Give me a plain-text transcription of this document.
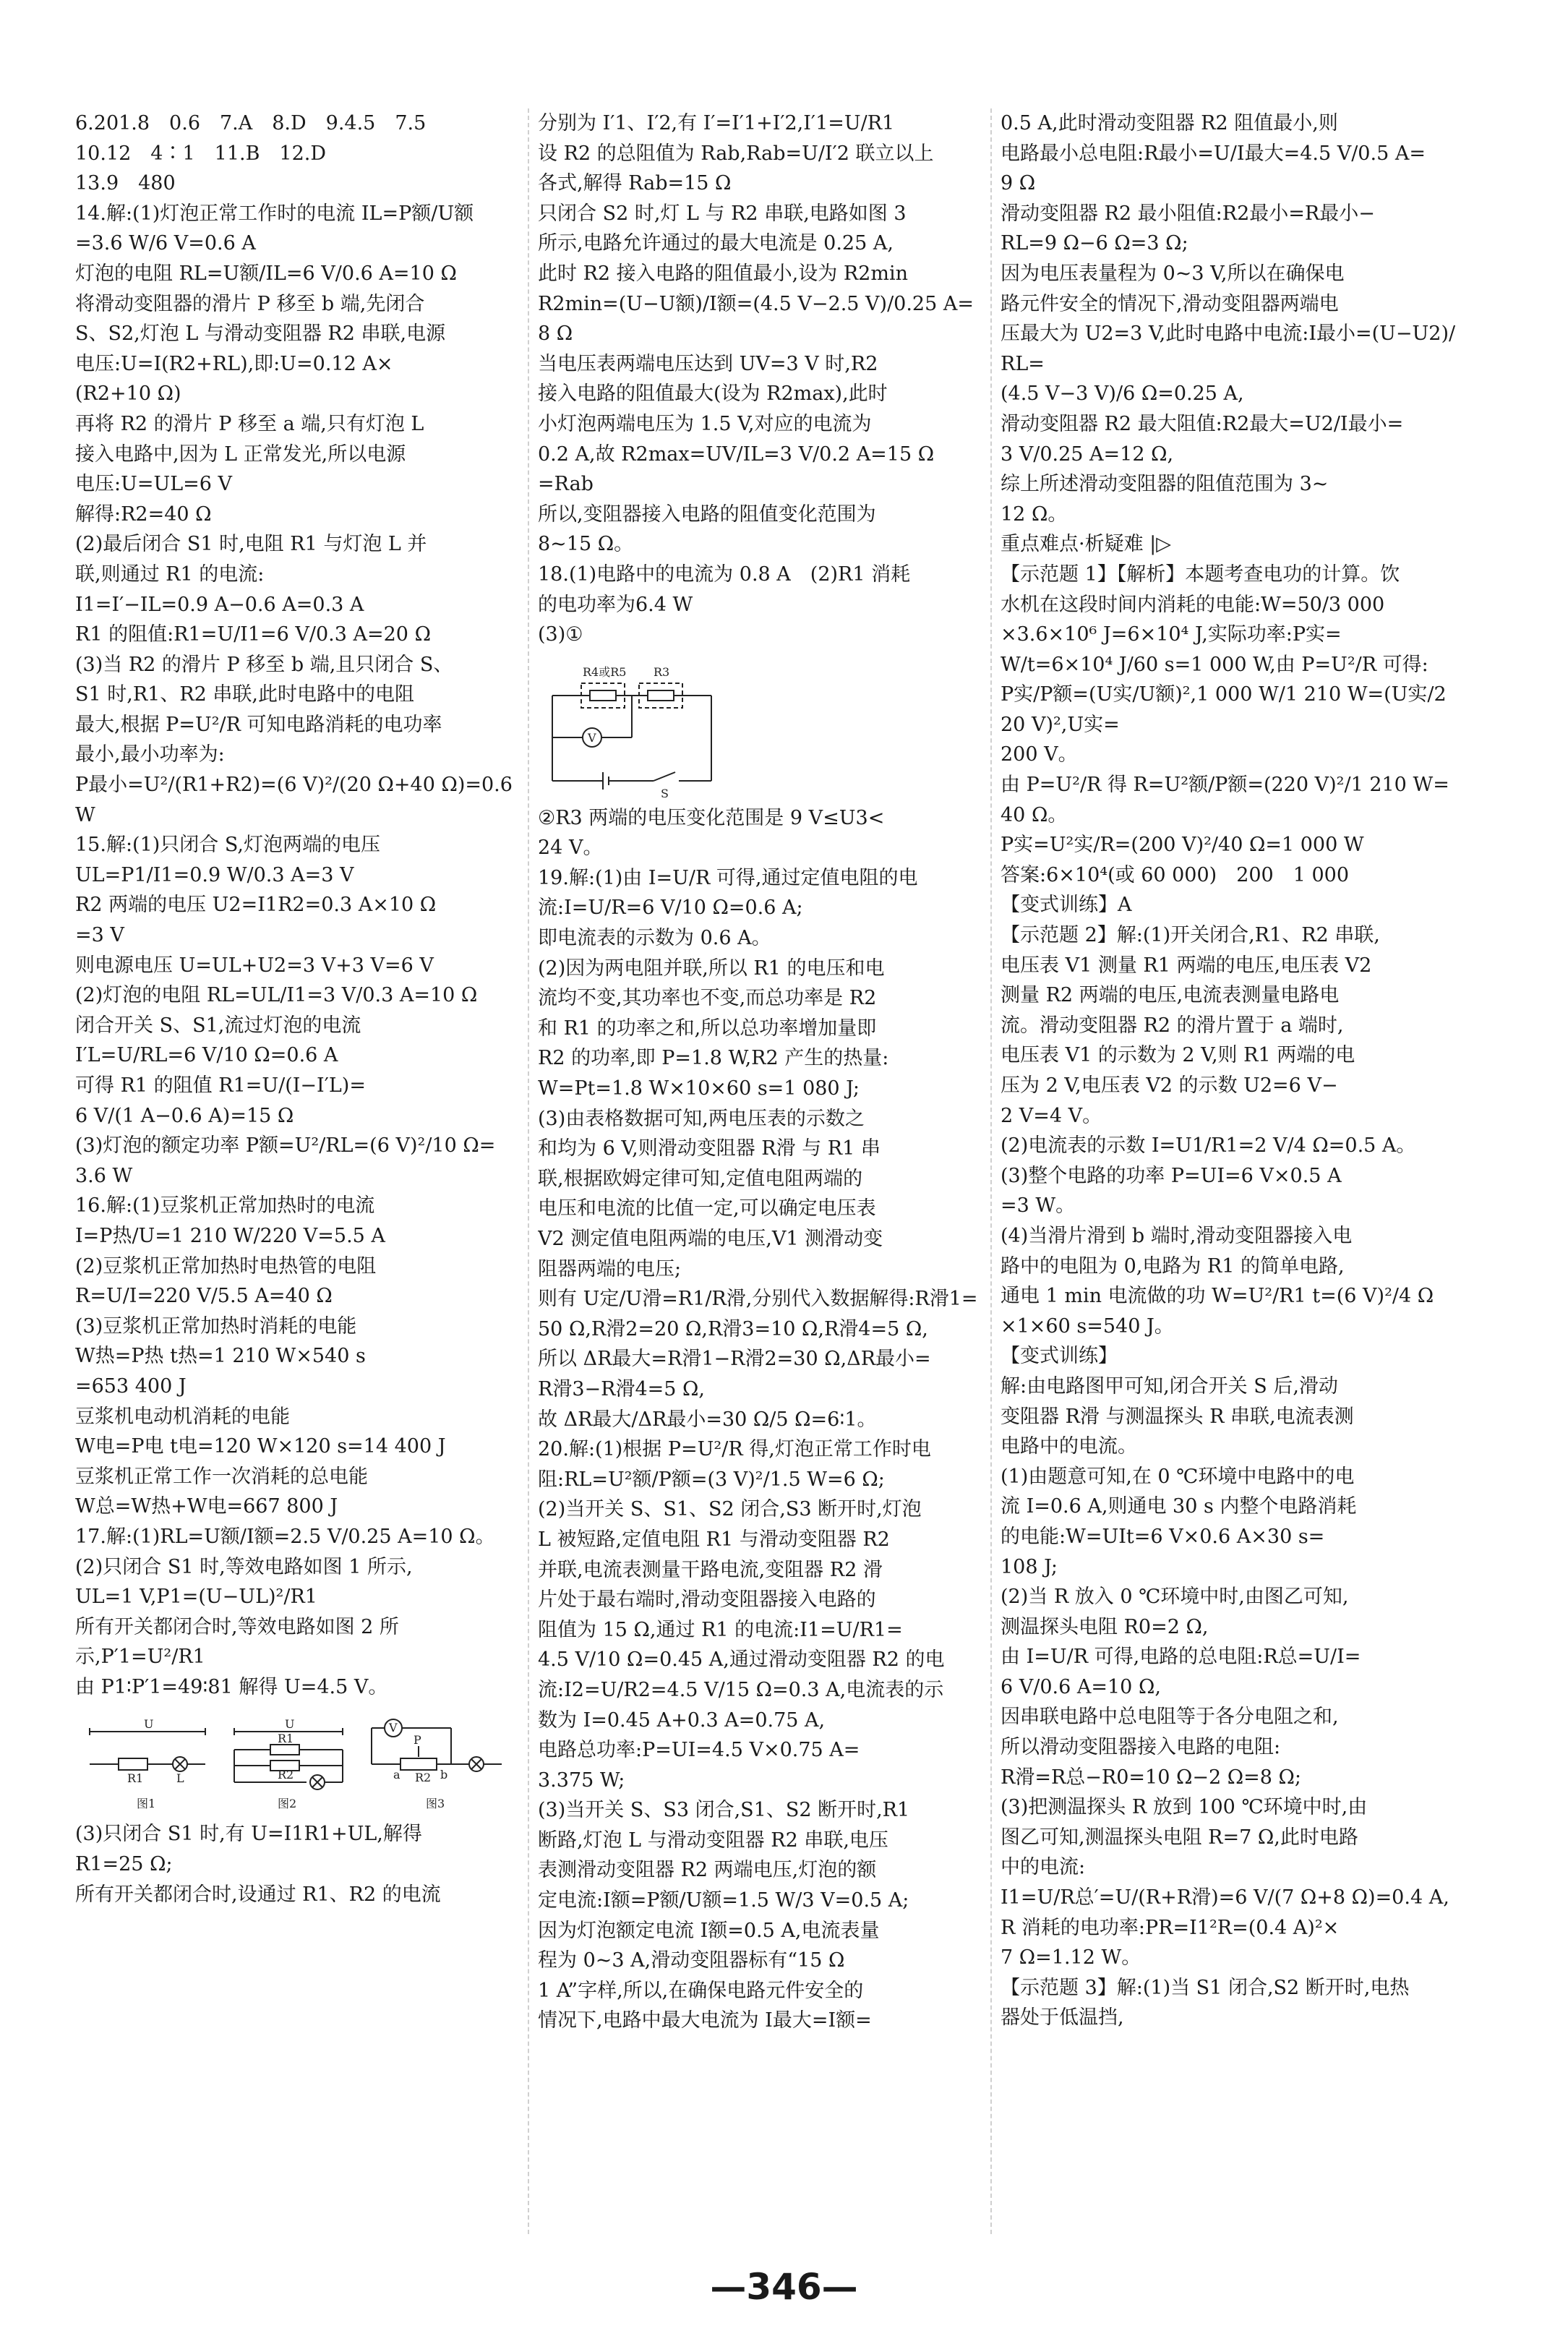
6.201.8　0.6　7.A　8.D　9.4.5　7.5

10.12　4∶1　11.B　12.D

13.9　480

14.解:(1)灯泡正常工作时的电流 IL=P额/U额

=3.6 W/6 V=0.6 A

灯泡的电阻 RL=U额/IL=6 V/0.6 A=10 Ω

将滑动变阻器的滑片 P 移至 b 端,先闭合

S、S2,灯泡 L 与滑动变阻器 R2 串联,电源

电压:U=I(R2+RL),即:U=0.12 A×

(R2+10 Ω)

再将 R2 的滑片 P 移至 a 端,只有灯泡 L

接入电路中,因为 L 正常发光,所以电源

电压:U=UL=6 V

解得:R2=40 Ω

(2)最后闭合 S1 时,电阻 R1 与灯泡 L 并

联,则通过 R1 的电流:

I1=I′−IL=0.9 A−0.6 A=0.3 A

R1 的阻值:R1=U/I1=6 V/0.3 A=20 Ω

(3)当 R2 的滑片 P 移至 b 端,且只闭合 S、

S1 时,R1、R2 串联,此时电路中的电阻

最大,根据 P=U²/R 可知电路消耗的电功率

最小,最小功率为:

P最小=U²/(R1+R2)=(6 V)²/(20 Ω+40 Ω)=0.6 W

15.解:(1)只闭合 S,灯泡两端的电压

UL=P1/I1=0.9 W/0.3 A=3 V

R2 两端的电压 U2=I1R2=0.3 A×10 Ω

=3 V

则电源电压 U=UL+U2=3 V+3 V=6 V

(2)灯泡的电阻 RL=UL/I1=3 V/0.3 A=10 Ω

闭合开关 S、S1,流过灯泡的电流

I′L=U/RL=6 V/10 Ω=0.6 A

可得 R1 的阻值 R1=U/(I−I′L)=

6 V/(1 A−0.6 A)=15 Ω

(3)灯泡的额定功率 P额=U²/RL=(6 V)²/10 Ω=

3.6 W

16.解:(1)豆浆机正常加热时的电流

I=P热/U=1 210 W/220 V=5.5 A

(2)豆浆机正常加热时电热管的电阻

R=U/I=220 V/5.5 A=40 Ω

(3)豆浆机正常加热时消耗的电能

W热=P热 t热=1 210 W×540 s

=653 400 J

豆浆机电动机消耗的电能

W电=P电 t电=120 W×120 s=14 400 J

豆浆机正常工作一次消耗的总电能

W总=W热+W电=667 800 J

17.解:(1)RL=U额/I额=2.5 V/0.25 A=10 Ω。

(2)只闭合 S1 时,等效电路如图 1 所示,

UL=1 V,P1=(U−UL)²/R1

所有开关都闭合时,等效电路如图 2 所

示,P′1=U²/R1

由 P1∶P′1=49∶81 解得 U=4.5 V。

U
R1	L
U
R1
R2
V
P
a	b
R2
图1	图2	图3

(3)只闭合 S1 时,有 U=I1R1+UL,解得

R1=25 Ω;

所有开关都闭合时,设通过 R1、R2 的电流

分别为 I′1、I′2,有 I′=I′1+I′2,I′1=U/R1

设 R2 的总阻值为 Rab,Rab=U/I′2 联立以上

各式,解得 Rab=15 Ω

只闭合 S2 时,灯 L 与 R2 串联,电路如图 3

所示,电路允许通过的最大电流是 0.25 A,

此时 R2 接入电路的阻值最小,设为 R2min

R2min=(U−U额)/I额=(4.5 V−2.5 V)/0.25 A=8 Ω

当电压表两端电压达到 UV=3 V 时,R2

接入电路的阻值最大(设为 R2max),此时

小灯泡两端电压为 1.5 V,对应的电流为

0.2 A,故 R2max=UV/IL=3 V/0.2 A=15 Ω

=Rab

所以,变阻器接入电路的阻值变化范围为

8~15 Ω。

18.(1)电路中的电流为 0.8 A　(2)R1 消耗

的电功率为6.4 W

(3)①

R4或R5 R3
V
S

②R3 两端的电压变化范围是 9 V≤U3<

24 V。

19.解:(1)由 I=U/R 可得,通过定值电阻的电

流:I=U/R=6 V/10 Ω=0.6 A;

即电流表的示数为 0.6 A。

(2)因为两电阻并联,所以 R1 的电压和电

流均不变,其功率也不变,而总功率是 R2

和 R1 的功率之和,所以总功率增加量即

R2 的功率,即 P=1.8 W,R2 产生的热量:

W=Pt=1.8 W×10×60 s=1 080 J;

(3)由表格数据可知,两电压表的示数之

和均为 6 V,则滑动变阻器 R滑 与 R1 串

联,根据欧姆定律可知,定值电阻两端的

电压和电流的比值一定,可以确定电压表

V2 测定值电阻两端的电压,V1 测滑动变

阻器两端的电压;

则有 U定/U滑=R1/R滑,分别代入数据解得:R滑1=

50 Ω,R滑2=20 Ω,R滑3=10 Ω,R滑4=5 Ω,

所以 ΔR最大=R滑1−R滑2=30 Ω,ΔR最小=

R滑3−R滑4=5 Ω,

故 ΔR最大/ΔR最小=30 Ω/5 Ω=6∶1。

20.解:(1)根据 P=U²/R 得,灯泡正常工作时电

阻:RL=U²额/P额=(3 V)²/1.5 W=6 Ω;

(2)当开关 S、S1、S2 闭合,S3 断开时,灯泡

L 被短路,定值电阻 R1 与滑动变阻器 R2

并联,电流表测量干路电流,变阻器 R2 滑

片处于最右端时,滑动变阻器接入电路的

阻值为 15 Ω,通过 R1 的电流:I1=U/R1=

4.5 V/10 Ω=0.45 A,通过滑动变阻器 R2 的电

流:I2=U/R2=4.5 V/15 Ω=0.3 A,电流表的示

数为 I=0.45 A+0.3 A=0.75 A,

电路总功率:P=UI=4.5 V×0.75 A=

3.375 W;

(3)当开关 S、S3 闭合,S1、S2 断开时,R1

断路,灯泡 L 与滑动变阻器 R2 串联,电压

表测滑动变阻器 R2 两端电压,灯泡的额

定电流:I额=P额/U额=1.5 W/3 V=0.5 A;

因为灯泡额定电流 I额=0.5 A,电流表量

程为 0~3 A,滑动变阻器标有“15 Ω

1 A”字样,所以,在确保电路元件安全的

情况下,电路中最大电流为 I最大=I额=

0.5 A,此时滑动变阻器 R2 阻值最小,则

电路最小总电阻:R最小=U/I最大=4.5 V/0.5 A=

9 Ω

滑动变阻器 R2 最小阻值:R2最小=R最小−

RL=9 Ω−6 Ω=3 Ω;

因为电压表量程为 0~3 V,所以在确保电

路元件安全的情况下,滑动变阻器两端电

压最大为 U2=3 V,此时电路中电流:I最小=(U−U2)/RL=

(4.5 V−3 V)/6 Ω=0.25 A,

滑动变阻器 R2 最大阻值:R2最大=U2/I最小=

3 V/0.25 A=12 Ω,

综上所述滑动变阻器的阻值范围为 3~

12 Ω。

重点难点·析疑难 |▷

【示范题 1】【解析】本题考查电功的计算。饮

水机在这段时间内消耗的电能:W=50/3 000

×3.6×10⁶ J=6×10⁴ J,实际功率:P实=

W/t=6×10⁴ J/60 s=1 000 W,由 P=U²/R 可得:

P实/P额=(U实/U额)²,1 000 W/1 210 W=(U实/220 V)²,U实=

200 V。

由 P=U²/R 得 R=U²额/P额=(220 V)²/1 210 W=40 Ω。

P实=U²实/R=(200 V)²/40 Ω=1 000 W

答案:6×10⁴(或 60 000)　200　1 000

【变式训练】A

【示范题 2】解:(1)开关闭合,R1、R2 串联,

电压表 V1 测量 R1 两端的电压,电压表 V2

测量 R2 两端的电压,电流表测量电路电

流。滑动变阻器 R2 的滑片置于 a 端时,

电压表 V1 的示数为 2 V,则 R1 两端的电

压为 2 V,电压表 V2 的示数 U2=6 V−

2 V=4 V。

(2)电流表的示数 I=U1/R1=2 V/4 Ω=0.5 A。

(3)整个电路的功率 P=UI=6 V×0.5 A

=3 W。

(4)当滑片滑到 b 端时,滑动变阻器接入电

路中的电阻为 0,电路为 R1 的简单电路,

通电 1 min 电流做的功 W=U²/R1 t=(6 V)²/4 Ω

×1×60 s=540 J。

【变式训练】

解:由电路图甲可知,闭合开关 S 后,滑动

变阻器 R滑 与测温探头 R 串联,电流表测

电路中的电流。

(1)由题意可知,在 0 ℃环境中电路中的电

流 I=0.6 A,则通电 30 s 内整个电路消耗

的电能:W=UIt=6 V×0.6 A×30 s=

108 J;

(2)当 R 放入 0 ℃环境中时,由图乙可知,

测温探头电阻 R0=2 Ω,

由 I=U/R 可得,电路的总电阻:R总=U/I=

6 V/0.6 A=10 Ω,

因串联电路中总电阻等于各分电阻之和,

所以滑动变阻器接入电路的电阻:

R滑=R总−R0=10 Ω−2 Ω=8 Ω;

(3)把测温探头 R 放到 100 ℃环境中时,由

图乙可知,测温探头电阻 R=7 Ω,此时电路

中的电流:

I1=U/R总′=U/(R+R滑)=6 V/(7 Ω+8 Ω)=0.4 A,

R 消耗的电功率:PR=I1²R=(0.4 A)²×

7 Ω=1.12 W。

【示范题 3】解:(1)当 S1 闭合,S2 断开时,电热

器处于低温挡,

—346—
